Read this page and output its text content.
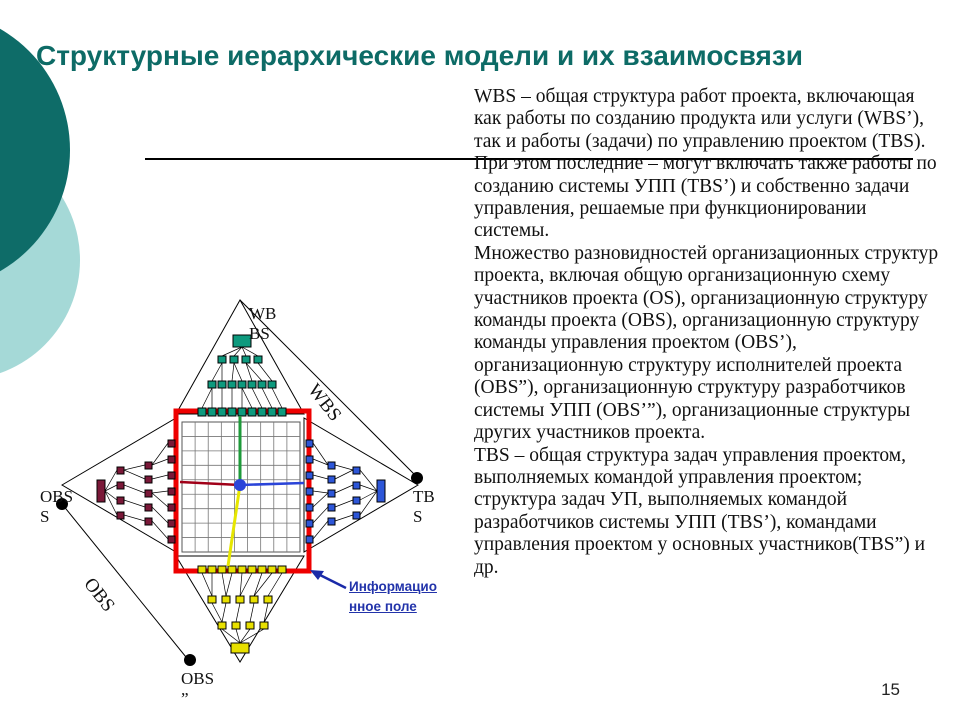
Структурные иерархические модели и их взаимосвязи

WBS – общая структура работ проекта, включающая как работы по созданию продукта или услуги (WBS’), так и работы (задачи) по управлению проектом (TBS). При этом последние – могут включать также работы по созданию системы УПП (TBS’) и собственно задачи управления, решаемые при функционировании системы.
Множество разновидностей организационных структур проекта, включая общую организационную схему участников проекта (OS), организационную структуру команды проекта (OBS), организационную структуру команды управления проектом (OBS’), организационную структуру исполнителей проекта (OBS”), организационную структуру разработчиков системы УПП (OBS’”), организационные структуры других участников проекта.
TBS – общая структура задач управления проектом, выполняемых командой управления проектом; структура задач УП, выполняемых командой разработчиков системы УПП (TBS’), командами управления проектом у основных участников(TBS”) и др.

WB
BS
OBS
S
TB
S
OBS
”
WBS
OBS	Информацио нное поле
15
